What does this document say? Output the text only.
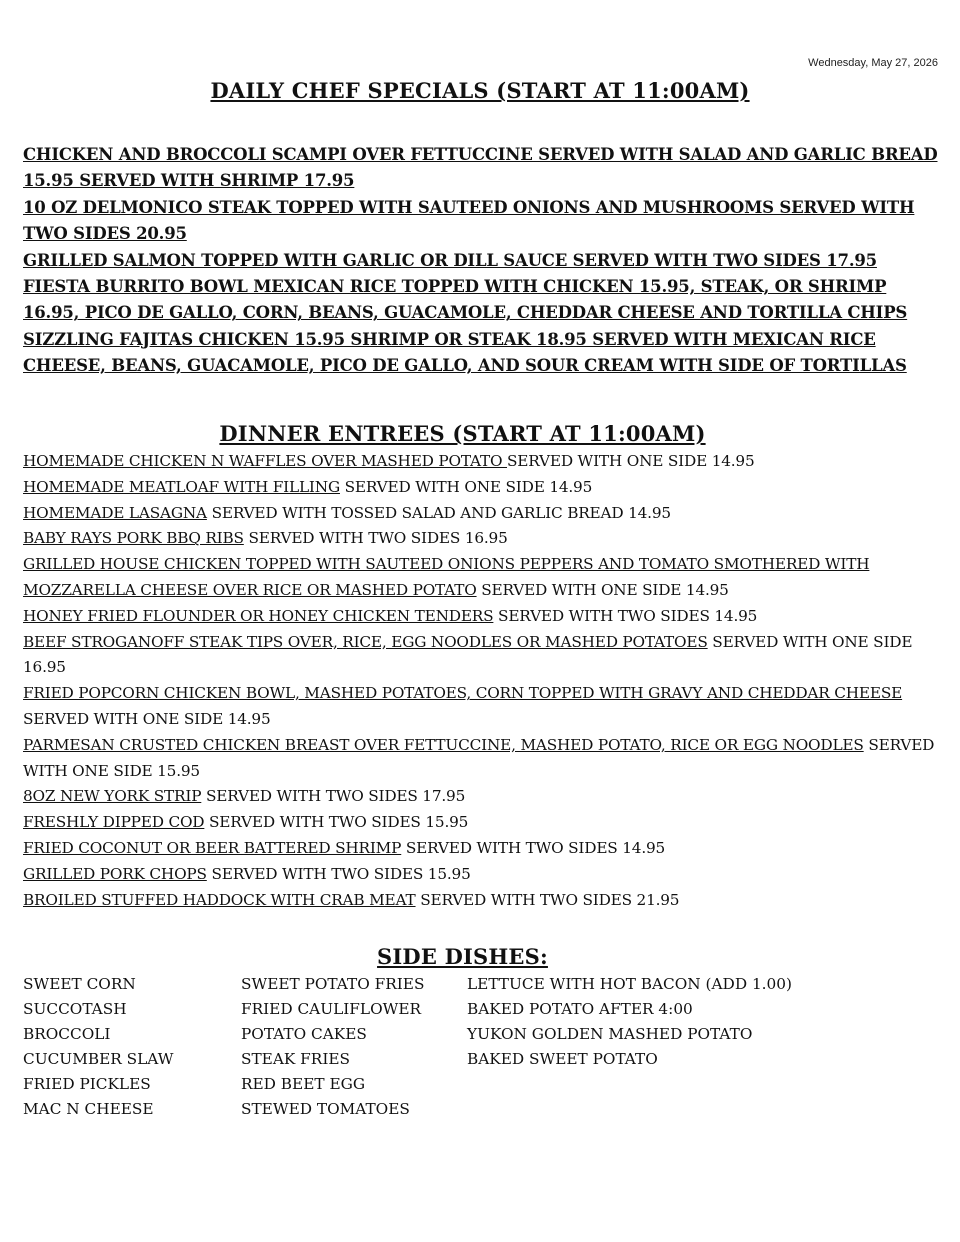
Wednesday, May 27, 2026
DAILY CHEF SPECIALS (START AT 11:00AM)

CHICKEN AND BROCCOLI SCAMPI OVER FETTUCCINE SERVED WITH SALAD AND GARLIC BREAD 15.95 SERVED WITH SHRIMP 17.95

10 OZ DELMONICO STEAK TOPPED WITH SAUTEED ONIONS AND MUSHROOMS SERVED WITH TWO SIDES 20.95

GRILLED SALMON TOPPED WITH GARLIC OR DILL SAUCE SERVED WITH TWO SIDES 17.95

FIESTA BURRITO BOWL MEXICAN RICE TOPPED WITH CHICKEN 15.95, STEAK, OR SHRIMP 16.95, PICO DE GALLO, CORN, BEANS, GUACAMOLE, CHEDDAR CHEESE AND TORTILLA CHIPS

SIZZLING FAJITAS CHICKEN 15.95 SHRIMP OR STEAK 18.95 SERVED WITH MEXICAN RICE CHEESE, BEANS, GUACAMOLE, PICO DE GALLO, AND SOUR CREAM WITH SIDE OF TORTILLAS

DINNER ENTREES (START AT 11:00AM)

HOMEMADE CHICKEN N WAFFLES OVER MASHED POTATO SERVED WITH ONE SIDE 14.95

HOMEMADE MEATLOAF WITH FILLING SERVED WITH ONE SIDE 14.95

HOMEMADE LASAGNA SERVED WITH TOSSED SALAD AND GARLIC BREAD 14.95

BABY RAYS PORK BBQ RIBS SERVED WITH TWO SIDES 16.95

GRILLED HOUSE CHICKEN TOPPED WITH SAUTEED ONIONS PEPPERS AND TOMATO SMOTHERED WITH MOZZARELLA CHEESE OVER RICE OR MASHED POTATO SERVED WITH ONE SIDE 14.95

HONEY FRIED FLOUNDER OR HONEY CHICKEN TENDERS SERVED WITH TWO SIDES 14.95

BEEF STROGANOFF STEAK TIPS OVER, RICE, EGG NOODLES OR MASHED POTATOES SERVED WITH ONE SIDE 16.95

FRIED POPCORN CHICKEN BOWL, MASHED POTATOES, CORN TOPPED WITH GRAVY AND CHEDDAR CHEESE SERVED WITH ONE SIDE 14.95

PARMESAN CRUSTED CHICKEN BREAST OVER FETTUCCINE, MASHED POTATO, RICE OR EGG NOODLES SERVED WITH ONE SIDE 15.95

8OZ NEW YORK STRIP SERVED WITH TWO SIDES 17.95

FRESHLY DIPPED COD SERVED WITH TWO SIDES 15.95

FRIED COCONUT OR BEER BATTERED SHRIMP SERVED WITH TWO SIDES 14.95

GRILLED PORK CHOPS SERVED WITH TWO SIDES 15.95

BROILED STUFFED HADDOCK WITH CRAB MEAT SERVED WITH TWO SIDES 21.95

SIDE DISHES:
SWEET CORN
SUCCOTASH
BROCCOLI
CUCUMBER SLAW
FRIED PICKLES
MAC N CHEESE
SWEET POTATO FRIES
FRIED CAULIFLOWER
POTATO CAKES
STEAK FRIES
RED BEET EGG
STEWED TOMATOES
LETTUCE WITH HOT BACON (ADD 1.00)
BAKED POTATO AFTER 4:00
YUKON GOLDEN MASHED POTATO
BAKED SWEET POTATO
